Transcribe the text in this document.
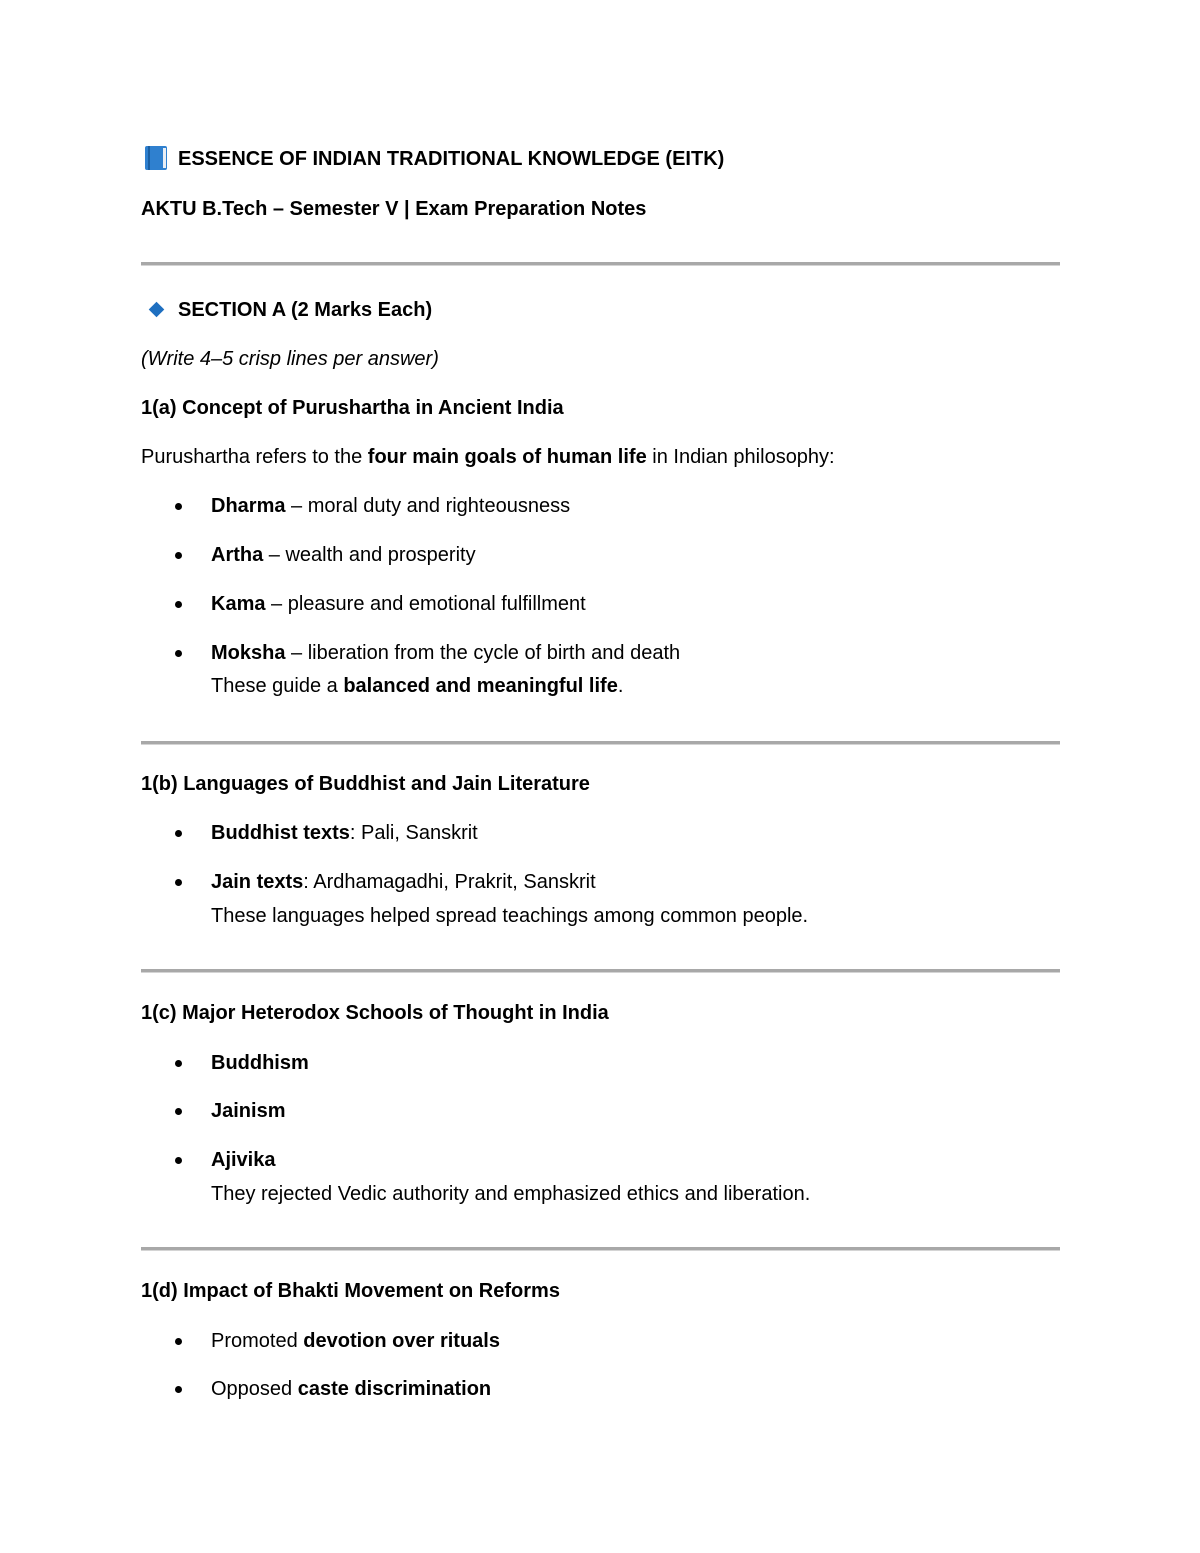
ESSENCE OF INDIAN TRADITIONAL KNOWLEDGE (EITK)
AKTU B.Tech – Semester V | Exam Preparation Notes
SECTION A (2 Marks Each)
(Write 4–5 crisp lines per answer)
1(a) Concept of Purushartha in Ancient India
Purushartha refers to the four main goals of human life in Indian philosophy:
Dharma – moral duty and righteousness
Artha – wealth and prosperity
Kama – pleasure and emotional fulfillment
Moksha – liberation from the cycle of birth and death
These guide a balanced and meaningful life.
1(b) Languages of Buddhist and Jain Literature
Buddhist texts: Pali, Sanskrit
Jain texts: Ardhamagadhi, Prakrit, Sanskrit
These languages helped spread teachings among common people.
1(c) Major Heterodox Schools of Thought in India
Buddhism
Jainism
Ajivika
They rejected Vedic authority and emphasized ethics and liberation.
1(d) Impact of Bhakti Movement on Reforms
Promoted devotion over rituals
Opposed caste discrimination
